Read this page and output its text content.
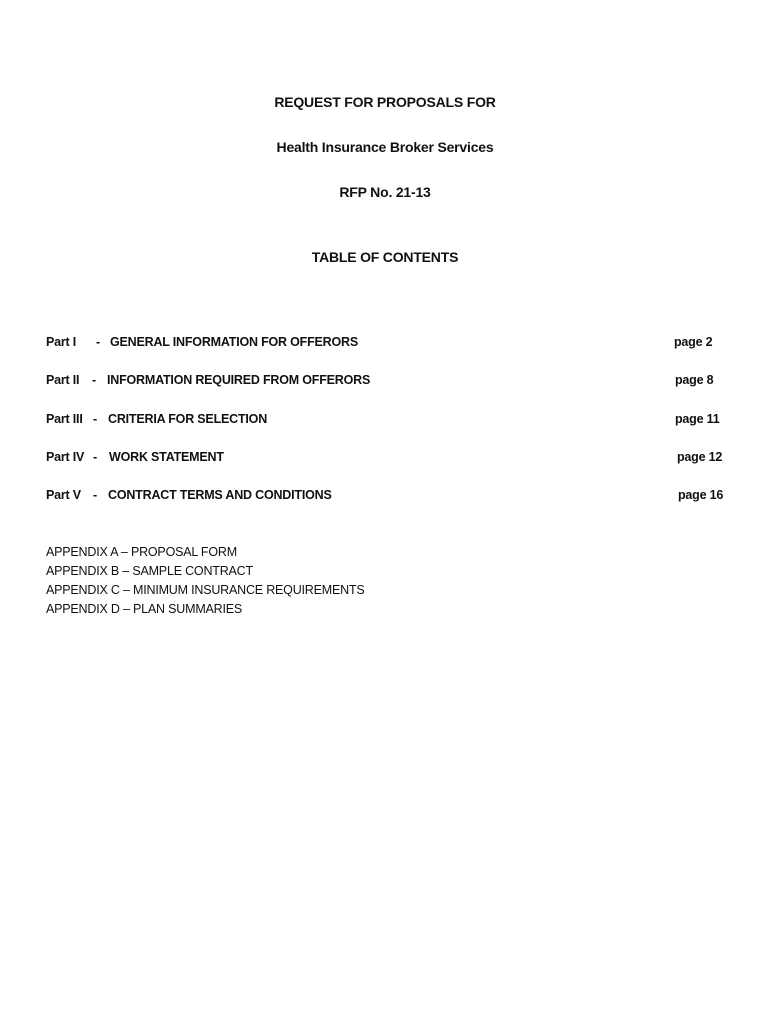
REQUEST FOR PROPOSALS FOR
Health Insurance Broker Services
RFP No. 21-13
TABLE OF CONTENTS
Part I - GENERAL INFORMATION FOR OFFERORS	page 2
Part II - INFORMATION REQUIRED FROM OFFERORS	page 8
Part III - CRITERIA FOR SELECTION	page 11
Part IV - WORK STATEMENT	page 12
Part V - CONTRACT TERMS AND CONDITIONS	page 16
APPENDIX A – PROPOSAL FORM
APPENDIX B – SAMPLE CONTRACT
APPENDIX C – MINIMUM INSURANCE REQUIREMENTS
APPENDIX D – PLAN SUMMARIES
